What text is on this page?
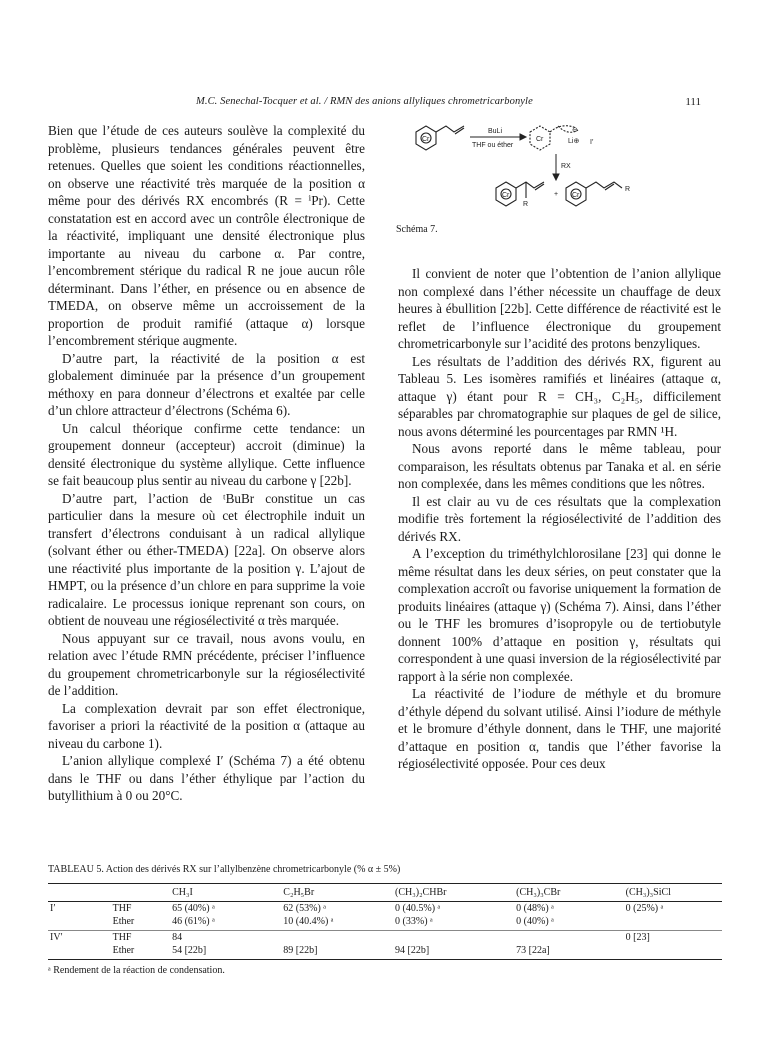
M.C. Senechal-Tocquer et al. / RMN des anions allyliques chrometricarbonyle	111

Bien que l’étude de ces auteurs soulève la complexité du problème, plusieurs tendances générales peuvent être retenues. Quelles que soient les conditions réactionnelles, on observe une réactivité très marquée de la position α même pour des dérivés RX encombrés (R = ⁱPr). Cette constatation est en accord avec un contrôle électronique de la réactivité, impliquant une densité électronique plus importante au niveau du carbone α. Par contre, l’encombrement stérique du radical R ne joue aucun rôle déterminant. Dans l’éther, en présence ou en absence de TMEDA, on observe même un accroissement de la proportion de produit ramifié (attaque α) lorsque l’encombrement stérique augmente.

D’autre part, la réactivité de la position α est globalement diminuée par la présence d’un groupement méthoxy en para donneur d’électrons et exaltée par celle d’un chlore attracteur d’électrons (Schéma 6).

Un calcul théorique confirme cette tendance: un groupement donneur (accepteur) accroit (diminue) la densité électronique du système allylique. Cette influence se fait beaucoup plus sentir au niveau du carbone γ [22b].

D’autre part, l’action de ᵗBuBr constitue un cas particulier dans la mesure où cet électrophile induit un transfert d’électrons conduisant à un radical allylique (solvant éther ou éther-TMEDA) [22a]. On observe alors une réactivité plus importante de la position γ. L’ajout de HMPT, ou la présence d’un chlore en para supprime la voie radicalaire. Le processus ionique reprenant son cours, on obtient de nouveau une régiosélectivité α très marquée.

Nous appuyant sur ce travail, nous avons voulu, en relation avec l’étude RMN précédente, préciser l’influence du groupement chrometricarbonyle sur la régiosélectivité de l’addition.

La complexation devrait par son effet électronique, favoriser a priori la réactivité de la position α (attaque au niveau du carbone 1).

L’anion allylique complexé I′ (Schéma 7) a été obtenu dans le THF ou dans l’éther éthylique par l’action du butyllithium à 0 ou 20°C.

Cr
BuLi
THF ou éther
Cr
⊖
Li⊕ I′
RX
Cr
R
+ Cr
R
Schéma 7.

Il convient de noter que l’obtention de l’anion allylique non complexé dans l’éther nécessite un chauffage de deux heures à ébullition [22b]. Cette différence de réactivité est le reflet de l’influence électronique du groupement chrometricarbonyle sur l’acidité des protons benzyliques.

Les résultats de l’addition des dérivés RX, figurent au Tableau 5. Les isomères ramifiés et linéaires (attaque α, attaque γ) étant pour R = CH₃, C₂H₅, difficilement séparables par chromatographie sur plaques de gel de silice, nous avons déterminé les pourcentages par RMN ¹H.

Nous avons reporté dans le même tableau, pour comparaison, les résultats obtenus par Tanaka et al. en série non complexée, dans les mêmes conditions que les nôtres.

Il est clair au vu de ces résultats que la complexation modifie très fortement la régiosélectivité de l’addition des dérivés RX.

A l’exception du triméthylchlorosilane [23] qui donne le même résultat dans les deux séries, on peut constater que la complexation accroît ou favorise uniquement la formation de produits linéaires (attaque γ) (Schéma 7). Ainsi, dans l’éther ou le THF les bromures d’isopropyle ou de tertiobutyle donnent 100% d’attaque en position γ, résultats qui correspondent à une quasi inversion de la régiosélectivité par rapport à la série non complexée.

La réactivité de l’iodure de méthyle et du bromure d’éthyle dépend du solvant utilisé. Ainsi l’iodure de méthyle et le bromure d’éthyle donnent, dans le THF, une majorité d’attaque en position α, tandis que l’éther favorise la régiosélectivité opposée. Pour ces deux

TABLEAU 5. Action des dérivés RX sur l’allylbenzène chrometricarbonyle (% α ± 5%)
		CH₃I	C₂H₅Br	(CH₃)₂CHBr	(CH₃)₃CBr	(CH₃)₃SiCl
I′	THF	65 (40%) ᵃ	62 (53%) ᵃ	0 (40.5%) ᵃ	0 (48%) ᵃ	0 (25%) ᵃ
	Ether	46 (61%) ᵃ	10 (40.4%) ᵃ	0 (33%) ᵃ	0 (40%) ᵃ	
IV′	THF	84				0 [23]
	Ether	54 [22b]	89 [22b]	94 [22b]	73 [22a]	
ᵃ Rendement de la réaction de condensation.
